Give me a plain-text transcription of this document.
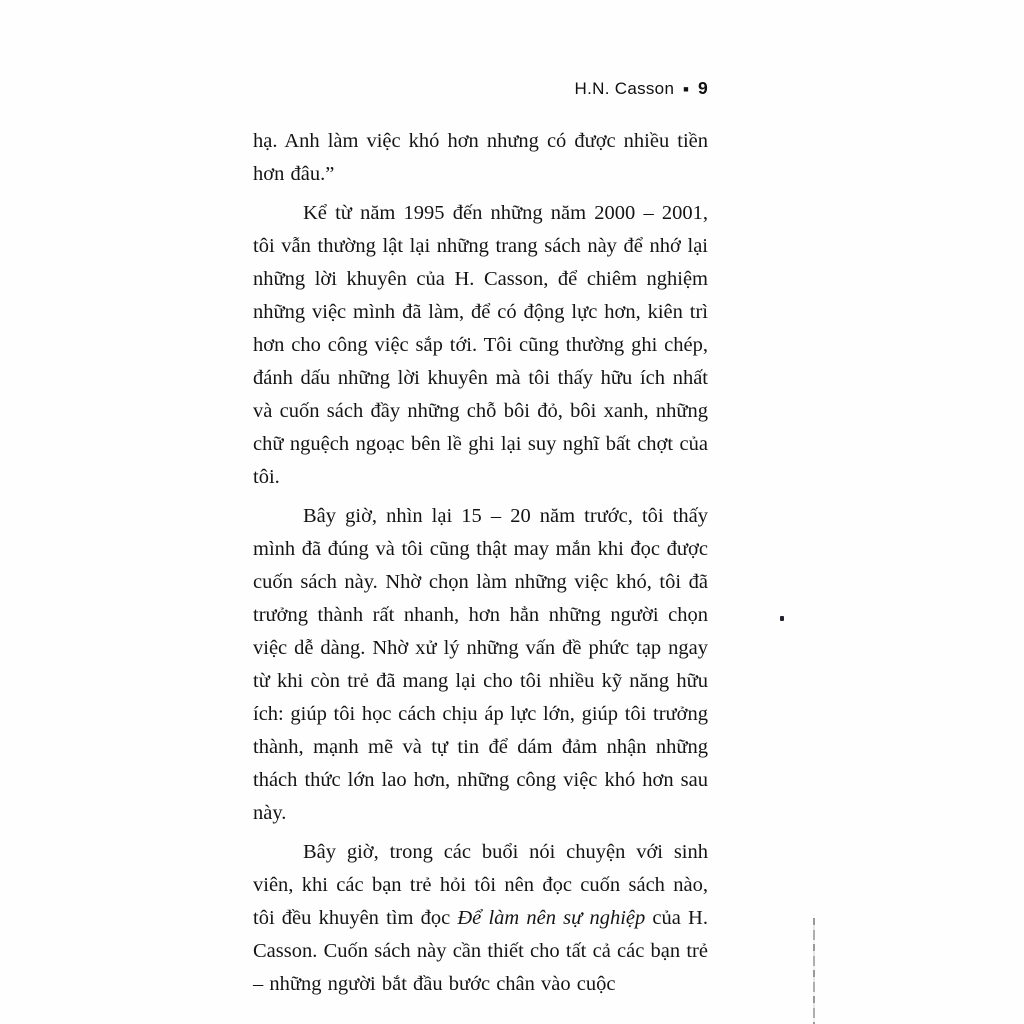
H.N. Casson ■ 9

hạ. Anh làm việc khó hơn nhưng có được nhiều tiền hơn đâu.”

Kể từ năm 1995 đến những năm 2000 – 2001, tôi vẫn thường lật lại những trang sách này để nhớ lại những lời khuyên của H. Casson, để chiêm nghiệm những việc mình đã làm, để có động lực hơn, kiên trì hơn cho công việc sắp tới. Tôi cũng thường ghi chép, đánh dấu những lời khuyên mà tôi thấy hữu ích nhất và cuốn sách đầy những chỗ bôi đỏ, bôi xanh, những chữ nguệch ngoạc bên lề ghi lại suy nghĩ bất chợt của tôi.

Bây giờ, nhìn lại 15 – 20 năm trước, tôi thấy mình đã đúng và tôi cũng thật may mắn khi đọc được cuốn sách này. Nhờ chọn làm những việc khó, tôi đã trưởng thành rất nhanh, hơn hẳn những người chọn việc dễ dàng. Nhờ xử lý những vấn đề phức tạp ngay từ khi còn trẻ đã mang lại cho tôi nhiều kỹ năng hữu ích: giúp tôi học cách chịu áp lực lớn, giúp tôi trưởng thành, mạnh mẽ và tự tin để dám đảm nhận những thách thức lớn lao hơn, những công việc khó hơn sau này.

Bây giờ, trong các buổi nói chuyện với sinh viên, khi các bạn trẻ hỏi tôi nên đọc cuốn sách nào, tôi đều khuyên tìm đọc Để làm nên sự nghiệp của H. Casson. Cuốn sách này cần thiết cho tất cả các bạn trẻ – những người bắt đầu bước chân vào cuộc
